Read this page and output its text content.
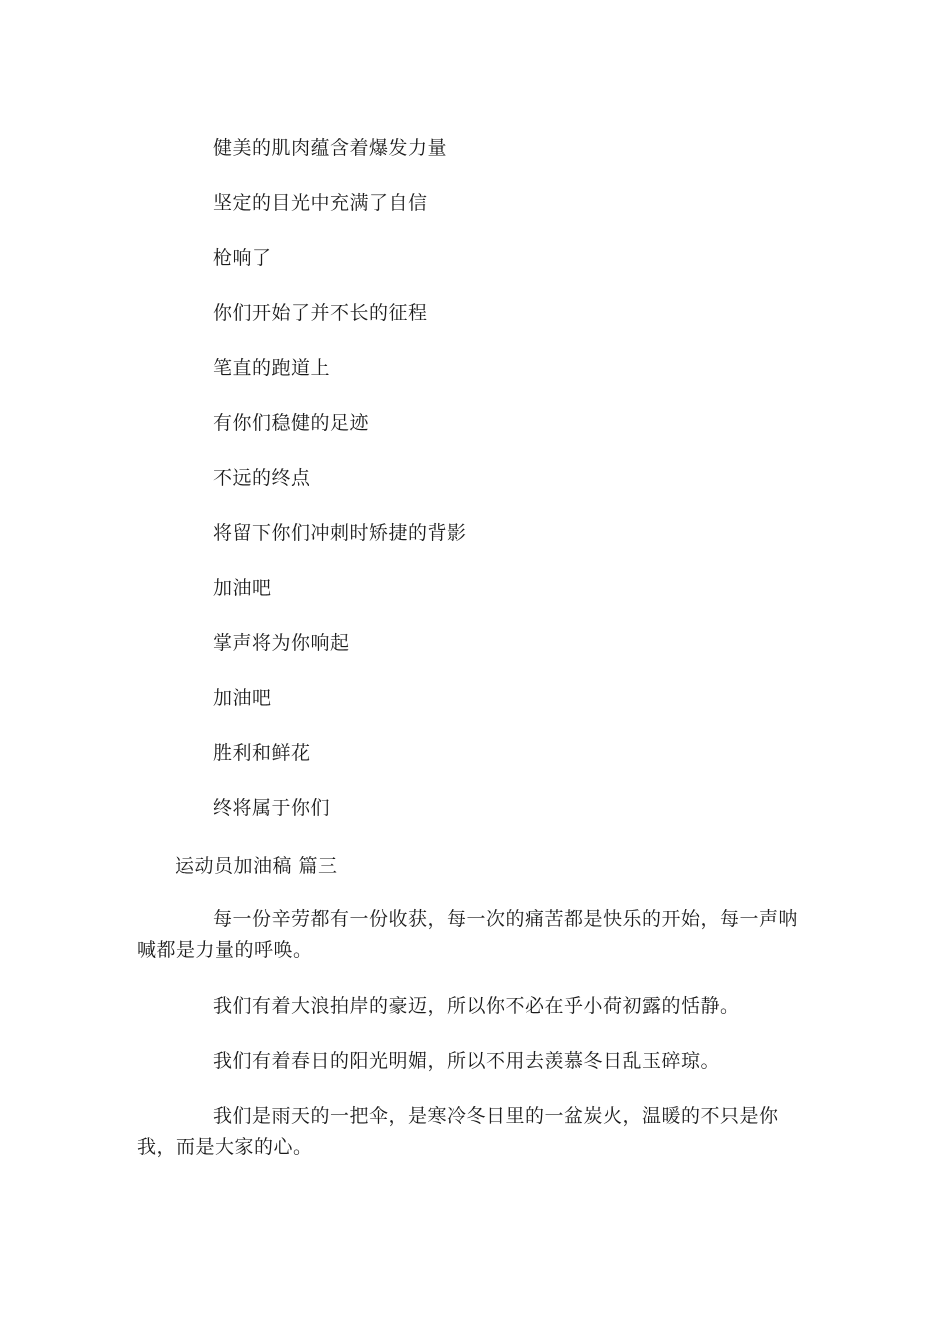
健美的肌肉蕴含着爆发力量
坚定的目光中充满了自信
枪响了
你们开始了并不长的征程
笔直的跑道上
有你们稳健的足迹
不远的终点
将留下你们冲刺时矫捷的背影
加油吧
掌声将为你响起
加油吧
胜利和鲜花
终将属于你们
运动员加油稿 篇三
每一份辛劳都有一份收获，每一次的痛苦都是快乐的开始，每一声呐喊都是力量的呼唤。
我们有着大浪拍岸的豪迈，所以你不必在乎小荷初露的恬静。
我们有着春日的阳光明媚，所以不用去羡慕冬日乱玉碎琼。
我们是雨天的一把伞，是寒冷冬日里的一盆炭火，温暖的不只是你我，而是大家的心。
